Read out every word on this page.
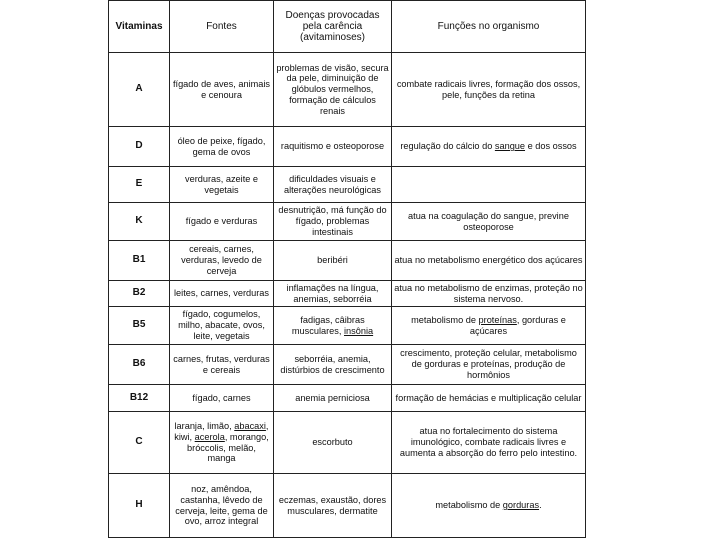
Vitaminas	Fontes	Doenças provocadas pela carência (avitaminoses)	Funções no organismo
A	fígado de aves, animais e cenoura	problemas de visão, secura da pele, diminuição de glóbulos vermelhos, formação de cálculos renais	combate radicais livres, formação dos ossos, pele, funções da retina
D	óleo de peixe, fígado, gema de ovos	raquitismo e osteoporose	regulação do cálcio do sangue e dos ossos
E	verduras, azeite e vegetais	dificuldades visuais e alterações neurológicas	
K	fígado e verduras	desnutrição, má função do fígado, problemas intestinais	atua na coagulação do sangue, previne osteoporose
B1	cereais, carnes, verduras, levedo de cerveja	beribéri	atua no metabolismo energético dos açúcares
B2	leites, carnes, verduras	inflamações na língua, anemias, seborréia	atua no metabolismo de enzimas, proteção no sistema nervoso.
B5	fígado, cogumelos, milho, abacate, ovos, leite, vegetais	fadigas, câibras musculares, insônia	metabolismo de proteínas, gorduras e açúcares
B6	carnes, frutas, verduras e cereais	seborréia, anemia, distúrbios de crescimento	crescimento, proteção celular, metabolismo de gorduras e proteínas, produção de hormônios
B12	fígado, carnes	anemia perniciosa	formação de hemácias e multiplicação celular
C	laranja, limão, abacaxi, kiwi, acerola, morango, bróccolis, melão, manga	escorbuto	atua no fortalecimento do sistema imunológico, combate radicais livres e aumenta a absorção do ferro pelo intestino.
H	noz, amêndoa, castanha, lêvedo de cerveja, leite, gema de ovo, arroz integral	eczemas, exaustão, dores musculares, dermatite	metabolismo de gorduras.
